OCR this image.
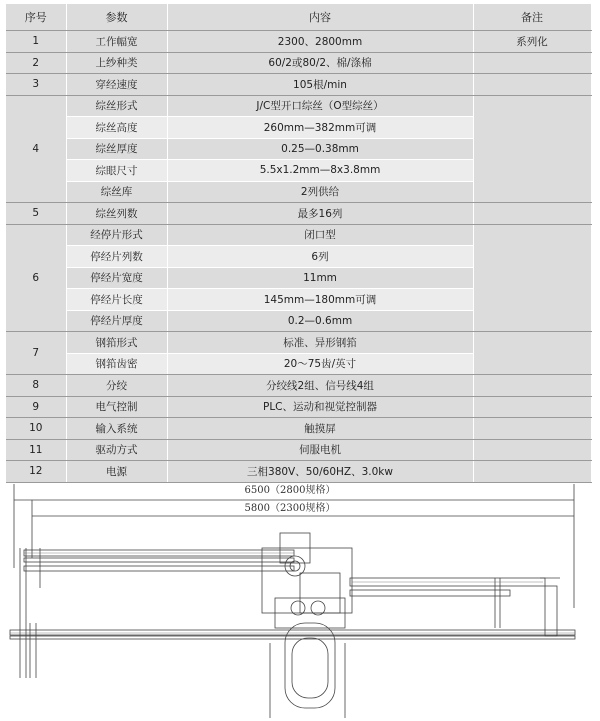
序号	参数	内容	备注
1	工作幅宽	2300、2800mm	系列化
2	上纱种类	60/2或80/2、棉/涤棉	
3	穿经速度	105根/min	
4	综丝形式	J/C型开口综丝（O型综丝）	
	综丝高度	260mm—382mm可调	
	综丝厚度	0.25—0.38mm	
	综眼尺寸	5.5x1.2mm—8x3.8mm	
	综丝库	2列供给	
5	综丝列数	最多16列	
6	经停片形式	闭口型	
	停经片列数	6列	
	停经片宽度	11mm	
	停经片长度	145mm—180mm可调	
	停经片厚度	0.2—0.6mm	
7	钢筘形式	标准、异形钢筘	
	钢筘齿密	20～75齿/英寸	
8	分绞	分绞线2组、信号线4组	
9	电气控制	PLC、运动和视觉控制器	
10	输入系统	触摸屏	
11	驱动方式	伺服电机	
12	电源	三相380V、50/60HZ、3.0kw	
6500（2800规格）
5800（2300规格）
